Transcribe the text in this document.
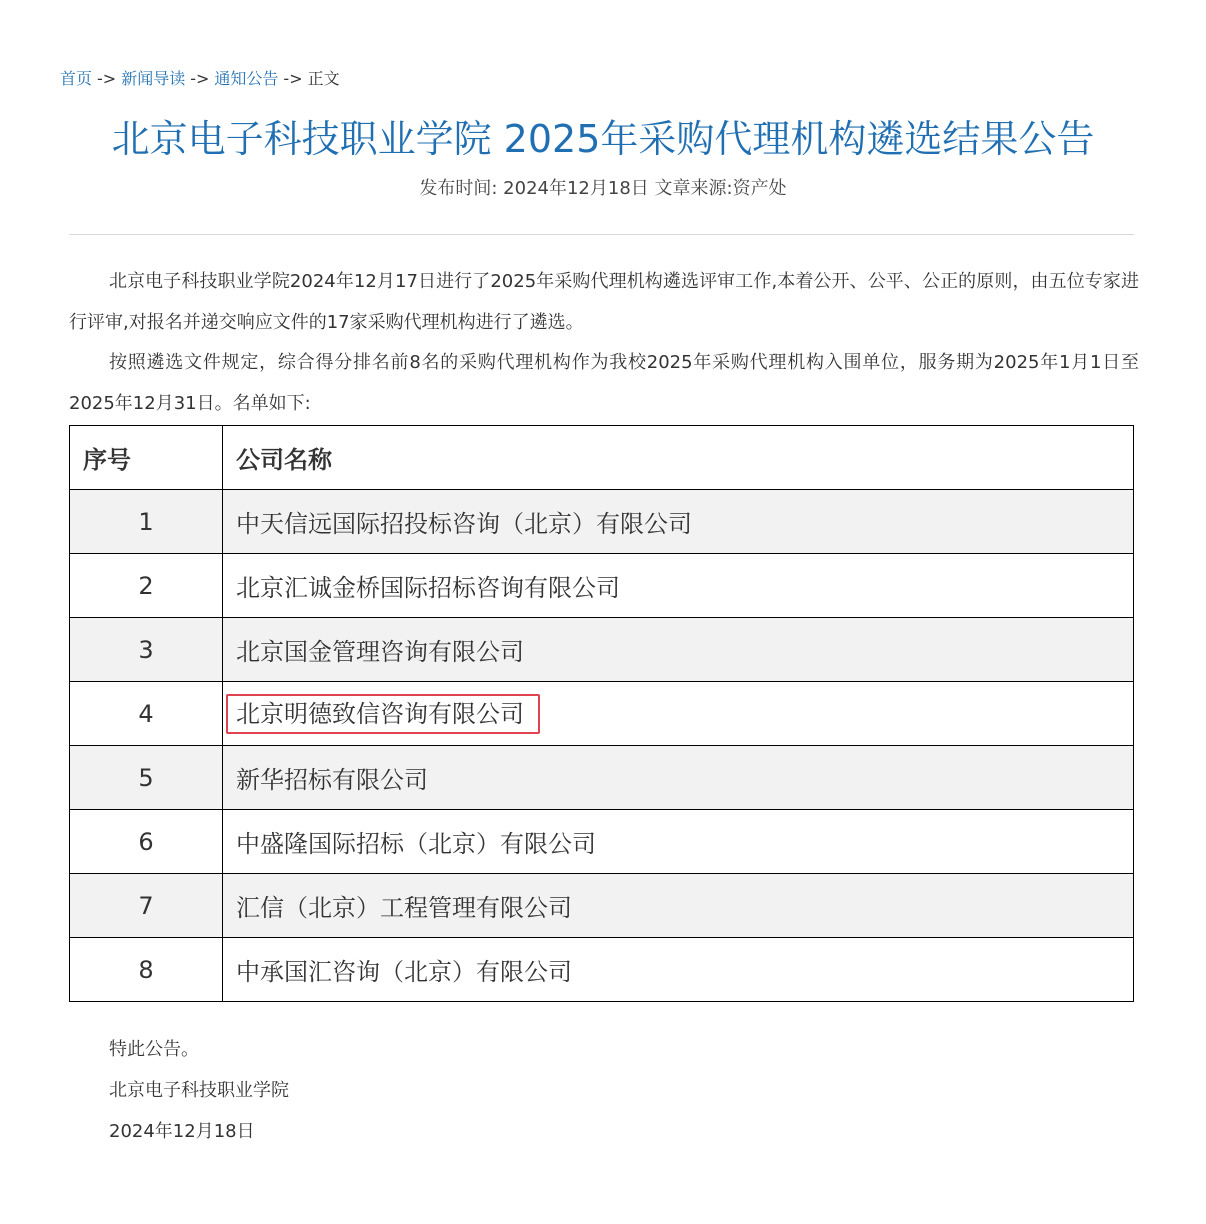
首页 -> 新闻导读 -> 通知公告 -> 正文
北京电子科技职业学院 2025年采购代理机构遴选结果公告
发布时间: 2024年12月18日 文章来源:资产处
北京电子科技职业学院2024年12月17日进行了2025年采购代理机构遴选评审工作,本着公开、公平、公正的原则，由五位专家进行评审,对报名并递交响应文件的17家采购代理机构进行了遴选。
按照遴选文件规定，综合得分排名前8名的采购代理机构作为我校2025年采购代理机构入围单位，服务期为2025年1月1日至2025年12月31日。名单如下:
序号	公司名称
1	中天信远国际招投标咨询（北京）有限公司
2	北京汇诚金桥国际招标咨询有限公司
3	北京国金管理咨询有限公司
4	北京明德致信咨询有限公司
5	新华招标有限公司
6	中盛隆国际招标（北京）有限公司
7	汇信（北京）工程管理有限公司
8	中承国汇咨询（北京）有限公司
特此公告。
北京电子科技职业学院
2024年12月18日
